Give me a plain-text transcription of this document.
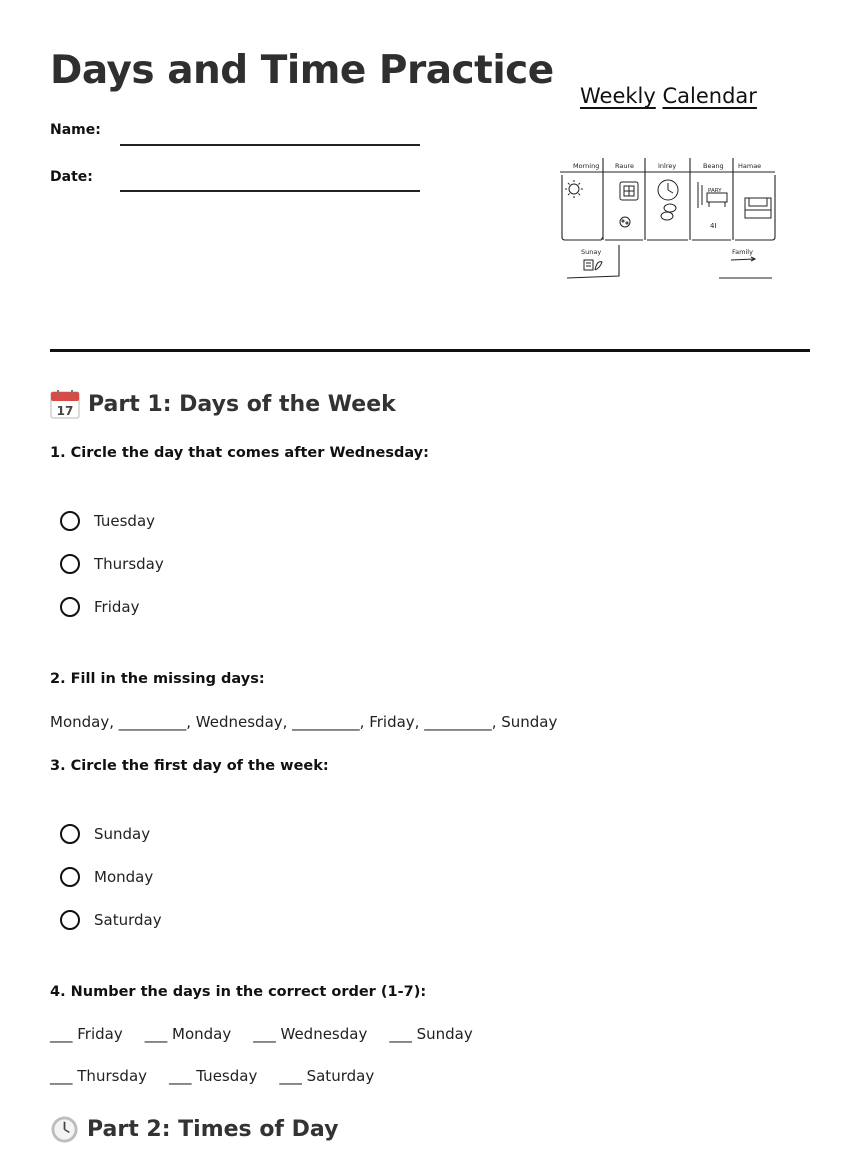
Days and Time Practice
Name:
Date:
Weekly Calendar
Morning Raure	Inlrey	Beang Hamae
Sunay	Family
PARY
4I
17 Part 1: Days of the Week
1. Circle the day that comes after Wednesday:
Tuesday
Thursday
Friday
2. Fill in the missing days:
Monday, _________, Wednesday, _________, Friday, _________, Sunday
3. Circle the first day of the week:
Sunday
Monday
Saturday
4. Number the days in the correct order (1-7):
___ Friday ___ Monday ___ Wednesday ___ Sunday
___ Thursday ___ Tuesday ___ Saturday
Part 2: Times of Day
